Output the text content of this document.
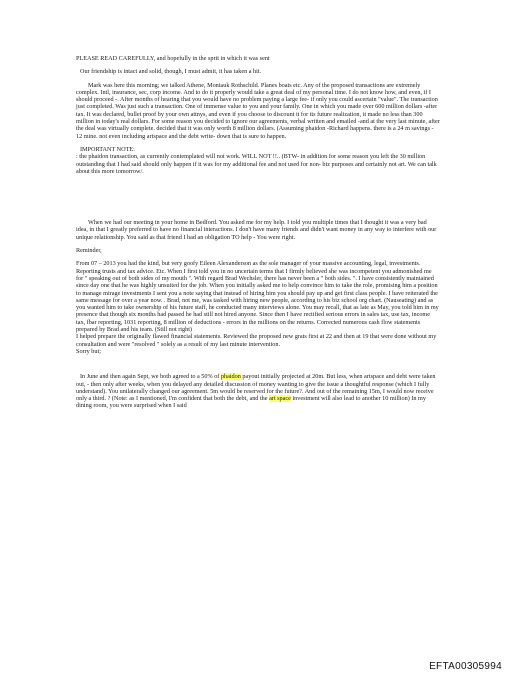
PLEASE READ CAREFULLY, and hopefully in the sprit in which it was sent

Our friendship is intact and solid, though, I must admit, it has taken a hit.

Mark was here this morning; we talked Athene, Montauk Rothschild. Planes boats etc. Any of the proposed transactions are extremely complex. Intl, insurance, sec, corp income. And to do it properly would take a great deal of my personal time. I do not know how, and even, if I should proceed -. After months of hearing that you would have no problem paying a large fee- if only you could ascertain "value". The transaction just completed. Was just such a transaction. One of immense value to you and your family. One in which you made over 600 million dollars -after tax. It was declared, bullet proof by your own attnys, and even if you choose to discount it for its future realization, it made no less than 300 million in today's real dollars. For some reason you decided to ignore our agreements, verbal written and emailed -and at the very last minute, after the deal was virtually complete. decided that it was only worth 8 million dollars. (Assuming phaidon -Richard happens. there is a 24 m savings - 12 mine. not even including artspace and the debt write- down that is sure to happen.

IMPORTANT NOTE:
: the phaidon transaction, as currently contemplated will not work. WILL NOT !!.. (BTW- in addition for some reason you left the 30 million outstanding that I had said should only happen if it was for my additional fee and not used for non- biz purposes and certainly not art. We can talk about this more tomorrow/.

When we had our meeting in your home in Bedford. You asked me for my help. I told you multiple times that I thought it was a very bad idea, in that I greatly preferred to have no financial interactions. I don't have many friends and didn't want money in any way to interfere with our unique relationship. You said as that friend I had an obligation TO help - You were right.

Reminder,

From 07 – 2013 you had the kind, but very goofy Eileen Alexanderson as the sole manager of your massive accounting, legal, investments. Reporting trusts and tax advice. Etc. When I first told you in no uncertain terms that I firmly believed she was incompetent you admonished me for " speaking out of both sides of my mouth ". With regard Brad Wechsler, there has never been a " both sides. ". I have consistently maintained since day one that he was highly unsuited for the job. When you initially asked me to help convince him to take the role, promising him a position to manage mirage investments I sent you a note saying that instead of hiring him you should pay up and get first class people. I have reiterated the same message for over a year now. . Brad, not me, was tasked with hiring new people, according to his biz school org chart. (Nauseating) and as you wanted him to take ownership of his future staff, he conducted many interviews alone. You may recall, that as late as May, you told him in my presence that though six months had passed he had still not hired anyone. Since then I have rectified serious errors in sales tax, use tax, income tax, fbar reporting, 1031 reporting, 8 million of deductions - errors in the millions on the returns. Corrected numerous cash flow statements prepared by Brad and his team. (Still not right)
I helped prepare the originally flawed financial statements. Reviewed the proposed new grats first at 22 and then at 19 that were done without my consultation and were "resolved " solely as a result of my last minute intervention.

Sorry but;

In June and then again Sept, we both agreed to a 50% of phaidon payout initially projected at 20m. But less, when artspace and debt were taken out, - then only after weeks, when you delayed any detailed discussion of money wanting to give the issue a thoughtful response (which I fully understand). You unilaterally changed our agreement. 5m would be reserved for the future?. And out of the remaining 15m, I would now receive only a third. ? (Note: as I mentioned, I'm confident that both the debt, and the art space investment will also lead to another 10 million) In my dining room, you were surprised when I said

EFTA00305994
